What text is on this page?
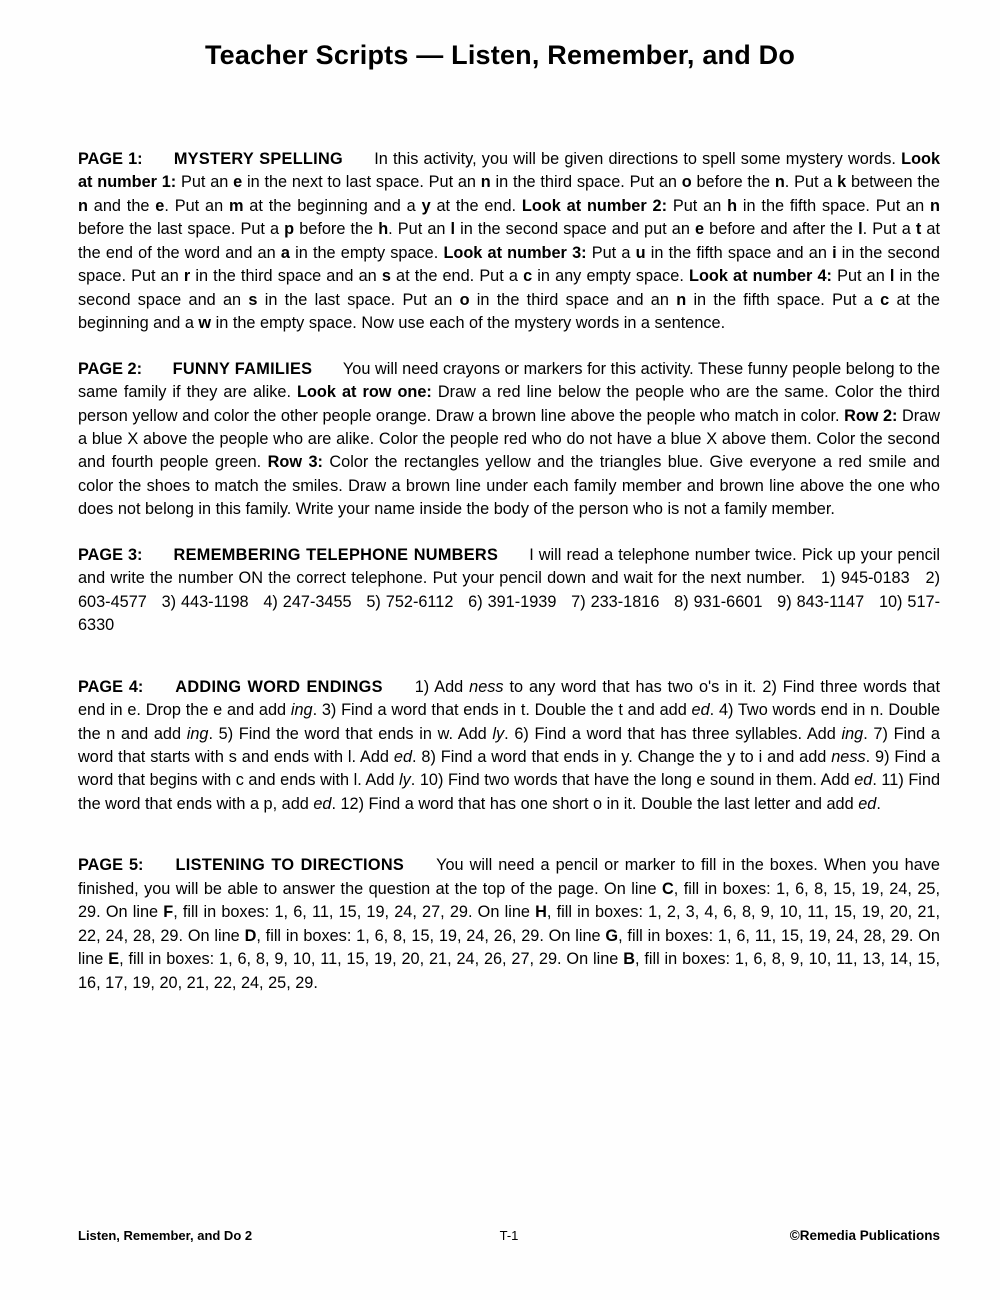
Teacher Scripts — Listen, Remember, and Do
PAGE 1: MYSTERY SPELLING In this activity, you will be given directions to spell some mystery words. Look at number 1: Put an e in the next to last space. Put an n in the third space. Put an o before the n. Put a k between the n and the e. Put an m at the beginning and a y at the end. Look at number 2: Put an h in the fifth space. Put an n before the last space. Put a p before the h. Put an l in the second space and put an e before and after the l. Put a t at the end of the word and an a in the empty space. Look at number 3: Put a u in the fifth space and an i in the second space. Put an r in the third space and an s at the end. Put a c in any empty space. Look at number 4: Put an l in the second space and an s in the last space. Put an o in the third space and an n in the fifth space. Put a c at the beginning and a w in the empty space. Now use each of the mystery words in a sentence.
PAGE 2: FUNNY FAMILIES You will need crayons or markers for this activity. These funny people belong to the same family if they are alike. Look at row one: Draw a red line below the people who are the same. Color the third person yellow and color the other people orange. Draw a brown line above the people who match in color. Row 2: Draw a blue X above the people who are alike. Color the people red who do not have a blue X above them. Color the second and fourth people green. Row 3: Color the rectangles yellow and the triangles blue. Give everyone a red smile and color the shoes to match the smiles. Draw a brown line under each family member and brown line above the one who does not belong in this family. Write your name inside the body of the person who is not a family member.
PAGE 3: REMEMBERING TELEPHONE NUMBERS I will read a telephone number twice. Pick up your pencil and write the number ON the correct telephone. Put your pencil down and wait for the next number.   1) 945-0183   2) 603-4577   3) 443-1198   4) 247-3455   5) 752-6112   6) 391-1939   7) 233-1816   8) 931-6601   9) 843-1147   10) 517-6330
PAGE 4: ADDING WORD ENDINGS 1) Add ness to any word that has two o's in it. 2) Find three words that end in e. Drop the e and add ing. 3) Find a word that ends in t. Double the t and add ed. 4) Two words end in n. Double the n and add ing. 5) Find the word that ends in w. Add ly. 6) Find a word that has three syllables. Add ing. 7) Find a word that starts with s and ends with l. Add ed. 8) Find a word that ends in y. Change the y to i and add ness. 9) Find a word that begins with c and ends with l. Add ly. 10) Find two words that have the long e sound in them. Add ed. 11) Find the word that ends with a p, add ed. 12) Find a word that has one short o in it. Double the last letter and add ed.
PAGE 5: LISTENING TO DIRECTIONS You will need a pencil or marker to fill in the boxes. When you have finished, you will be able to answer the question at the top of the page. On line C, fill in boxes: 1, 6, 8, 15, 19, 24, 25, 29. On line F, fill in boxes: 1, 6, 11, 15, 19, 24, 27, 29. On line H, fill in boxes: 1, 2, 3, 4, 6, 8, 9, 10, 11, 15, 19, 20, 21, 22, 24, 28, 29. On line D, fill in boxes: 1, 6, 8, 15, 19, 24, 26, 29. On line G, fill in boxes: 1, 6, 11, 15, 19, 24, 28, 29. On line E, fill in boxes: 1, 6, 8, 9, 10, 11, 15, 19, 20, 21, 24, 26, 27, 29. On line B, fill in boxes: 1, 6, 8, 9, 10, 11, 13, 14, 15, 16, 17, 19, 20, 21, 22, 24, 25, 29.
Listen, Remember, and Do 2	T-1	©Remedia Publications
